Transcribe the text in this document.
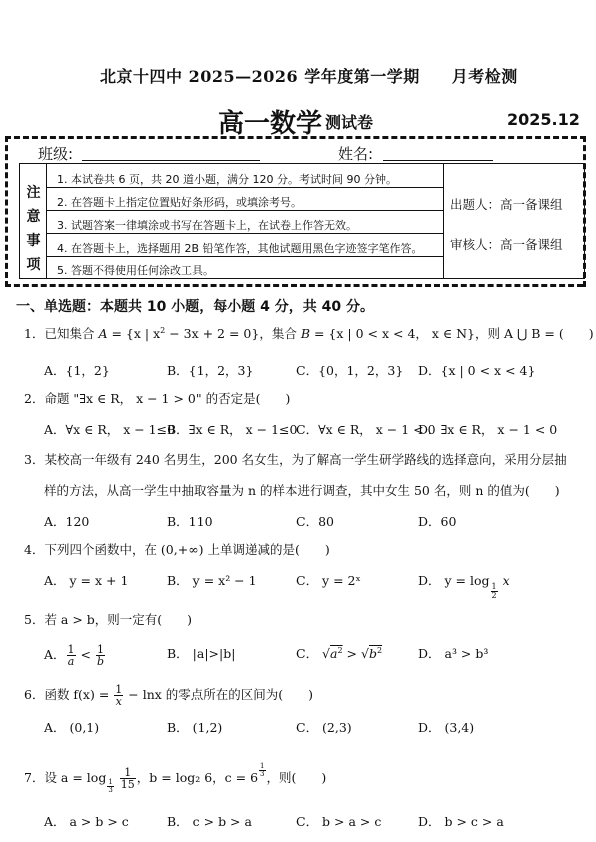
北京十四中 2025—2026 学年度第一学期 月考检测
高一数学 测试卷	2025.12
班级:	姓名:
注
意
事
项
1. 本试卷共 6 页，共 20 道小题，满分 120 分。考试时间 90 分钟。
2. 在答题卡上指定位置贴好条形码，或填涂考号。
3. 试题答案一律填涂或书写在答题卡上，在试卷上作答无效。
4. 在答题卡上，选择题用 2B 铅笔作答，其他试题用黑色字迹签字笔作答。
5. 答题不得使用任何涂改工具。
出题人：高一备课组
审核人：高一备课组
一、单选题：本题共 10 小题，每小题 4 分，共 40 分。
1．已知集合 A = {x | $x^2 - 3x + 2 = 0$}，集合 B = {x | 0 < x < 4， x ∈ N}，则 A ⋃ B = (　　)
A．{1，2}	B．{1，2，3}	C．{0，1，2，3} D．{x | 0 < x < 4}
2．命题 "∃x ∈ R， x − 1 > 0" 的否定是(　　)
A．∀x ∈ R， x − 1≤0
B．∃x ∈ R， x − 1≤0
C．∀x ∈ R， x − 1 < 0
D．∃x ∈ R， x − 1 < 0
3．某校高一年级有 240 名男生，200 名女生，为了解高一学生研学路线的选择意向，采用分层抽
样的方法，从高一学生中抽取容量为 n 的样本进行调查，其中女生 50 名，则 n 的值为(　　)
A．120	B．110	C．80	D．60
4．下列四个函数中，在 (0,+∞) 上单调递减的是(　　)
A． y = x + 1	B． y = x² − 1	C． y = 2ˣ	D． y = log
$\frac{1}{2}$
x
5．若 a > b，则一定有(　　)
A． $\frac{1}{a} < \frac{1}{b}$	B． |a|>|b|	C． $√a^2 > √b^2$	D． a³ > b³
6．函数 $f(x) = \frac{1}{x} - \ln x$ 的零点所在的区间为(　　)
A． (0,1)	B． (1,2)	C． (2,3)	D． (3,4)
7．设 a = log
$\frac{1}{3}$
$\frac{1}{15}$ ，b = log₂ 6，$c = 6 \frac{1}{3}$ ，则(　　)
A． a > b > c	B． c > b > a	C． b > a > c	D． b > c > a
